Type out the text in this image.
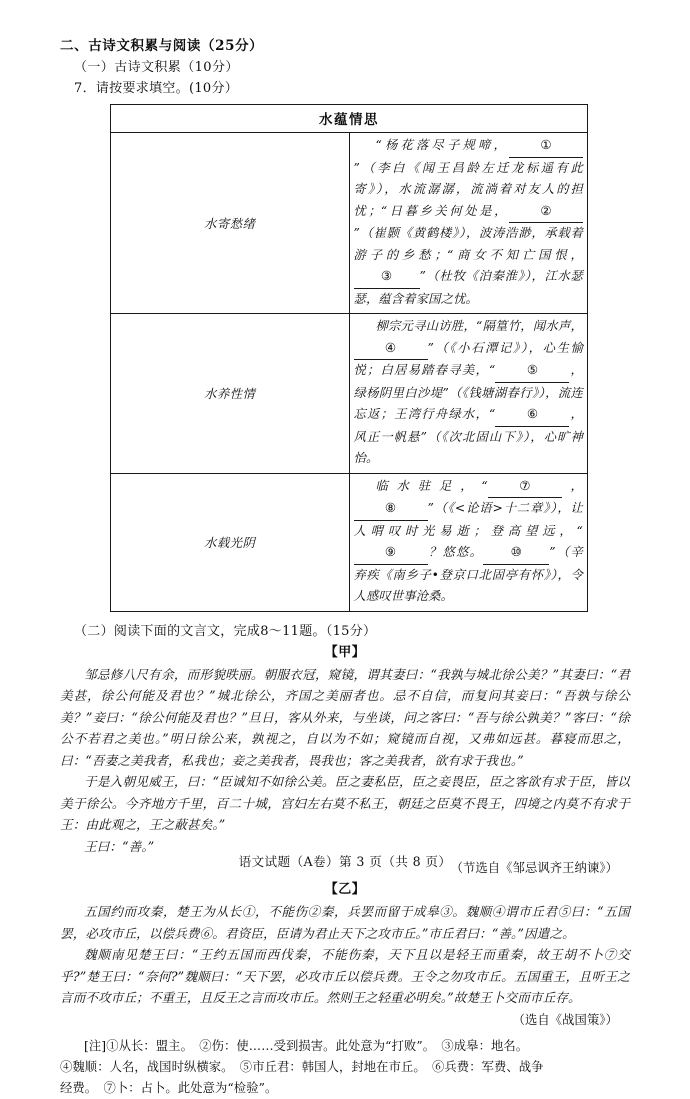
二、古诗文积累与阅读（25分）
（一）古诗文积累（10分）
7．请按要求填空。(10分）
水蕴情思	
水寄愁绪	“杨花落尽子规啼， ①”（李白《闻王昌龄左迁龙标遥有此寄》），水流潺潺，流淌着对友人的担忧；“日暮乡关何处是， ②”（崔颢《黄鹤楼》），波涛浩渺，承载着游子的乡愁；“商女不知亡国恨，③ ”（杜牧《泊秦淮》），江水瑟瑟，蕴含着家国之忧。
水养性情	柳宗元寻山访胜，“隔篁竹，闻水声，④ ”（《小石潭记》），心生愉悦；白居易踏春寻美，“ ⑤ ，绿杨阴里白沙堤”（《钱塘湖春行》），流连忘返；王湾行舟绿水，“ ⑥ ，风正一帆悬”（《次北固山下》），心旷神怡。
水载光阴	临水驻足，“ ⑦ ，⑧ ”（《<论语>十二章》），让人喟叹时光易逝；登高望远，“⑨ ？悠悠。 ⑩ ”（辛弃疾《南乡子•登京口北固亭有怀》），令人感叹世事沧桑。
（二）阅读下面的文言文，完成8～11题。（15分）
【甲】

邹忌修八尺有余，而形貌昳丽。朝服衣冠，窥镜，谓其妻曰：“我孰与城北徐公美？”其妻曰：“君美甚，徐公何能及君也？”城北徐公，齐国之美丽者也。忌不自信，而复问其妾曰：“吾孰与徐公美？”妾曰：“徐公何能及君也？”旦日，客从外来，与坐谈，问之客曰：“吾与徐公孰美？”客曰：“徐公不若君之美也。”明日徐公来，孰视之，自以为不如；窥镜而自视，又弗如远甚。暮寝而思之，曰：“吾妻之美我者，私我也；妾之美我者，畏我也；客之美我者，欲有求于我也。”

于是入朝见威王，曰：“臣诚知不如徐公美。臣之妻私臣，臣之妾畏臣，臣之客欲有求于臣，皆以美于徐公。今齐地方千里，百二十城，宫妇左右莫不私王，朝廷之臣莫不畏王，四境之内莫不有求于王：由此观之，王之蔽甚矣。”

王曰：“善。”

（节选自《邹忌讽齐王纳谏》）
【乙】

五国约而攻秦，楚王为从长①，不能伤②秦，兵罢而留于成皋③。魏顺④谓市丘君⑤曰：“五国罢，必攻市丘，以偿兵费⑥。君资臣，臣请为君止天下之攻市丘。”市丘君曰：“善。”因遣之。

魏顺南见楚王曰：“王约五国而西伐秦，不能伤秦，天下且以是轻王而重秦，故王胡不卜⑦交乎?”楚王曰：“奈何?”魏顺曰：“天下罢，必攻市丘以偿兵费。王令之勿攻市丘。五国重王，且听王之言而不攻市丘；不重王，且反王之言而攻市丘。然则王之轻重必明矣。”故楚王卜交而市丘存。

（选自《战国策》）

[注]①从长：盟主。　②伤：使……受到损害。此处意为“打败”。　③成皋：地名。

④魏顺：人名，战国时纵横家。　⑤市丘君：韩国人，封地在市丘。　⑥兵费：军费、战争

经费。　⑦卜：占卜。此处意为“检验”。

语文试题（A卷）第 3 页（共 8 页）
